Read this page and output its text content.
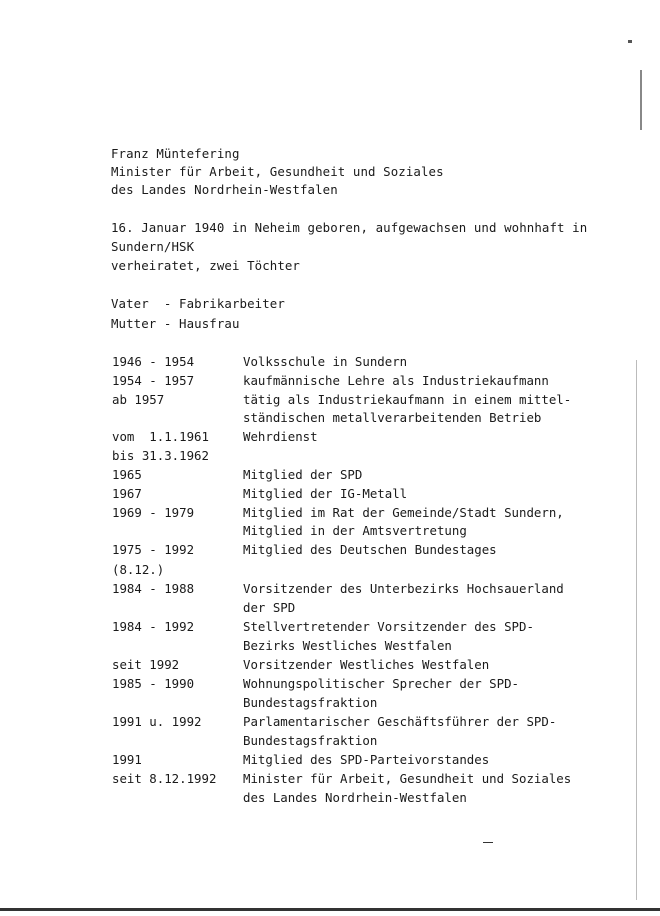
Franz Müntefering
Minister für Arbeit, Gesundheit und Soziales
des Landes Nordrhein-Westfalen
16. Januar 1940 in Neheim geboren, aufgewachsen und wohnhaft in
Sundern/HSK
verheiratet, zwei Töchter
Vater  - Fabrikarbeiter
Mutter - Hausfrau
1946 - 1954	Volksschule in Sundern
1954 - 1957	kaufmännische Lehre als Industriekaufmann
ab 1957	tätig als Industriekaufmann in einem mittel-
ständischen metallverarbeitenden Betrieb
vom  1.1.1961	Wehrdienst
bis 31.3.1962
1965	Mitglied der SPD
1967	Mitglied der IG-Metall
1969 - 1979	Mitglied im Rat der Gemeinde/Stadt Sundern,
Mitglied in der Amtsvertretung
1975 - 1992	Mitglied des Deutschen Bundestages
(8.12.)
1984 - 1988	Vorsitzender des Unterbezirks Hochsauerland
der SPD
1984 - 1992	Stellvertretender Vorsitzender des SPD-
Bezirks Westliches Westfalen
seit 1992	Vorsitzender Westliches Westfalen
1985 - 1990	Wohnungspolitischer Sprecher der SPD-
Bundestagsfraktion
1991 u. 1992	Parlamentarischer Geschäftsführer der SPD-
Bundestagsfraktion
1991	Mitglied des SPD-Parteivorstandes
seit 8.12.1992 Minister für Arbeit, Gesundheit und Soziales
des Landes Nordrhein-Westfalen
